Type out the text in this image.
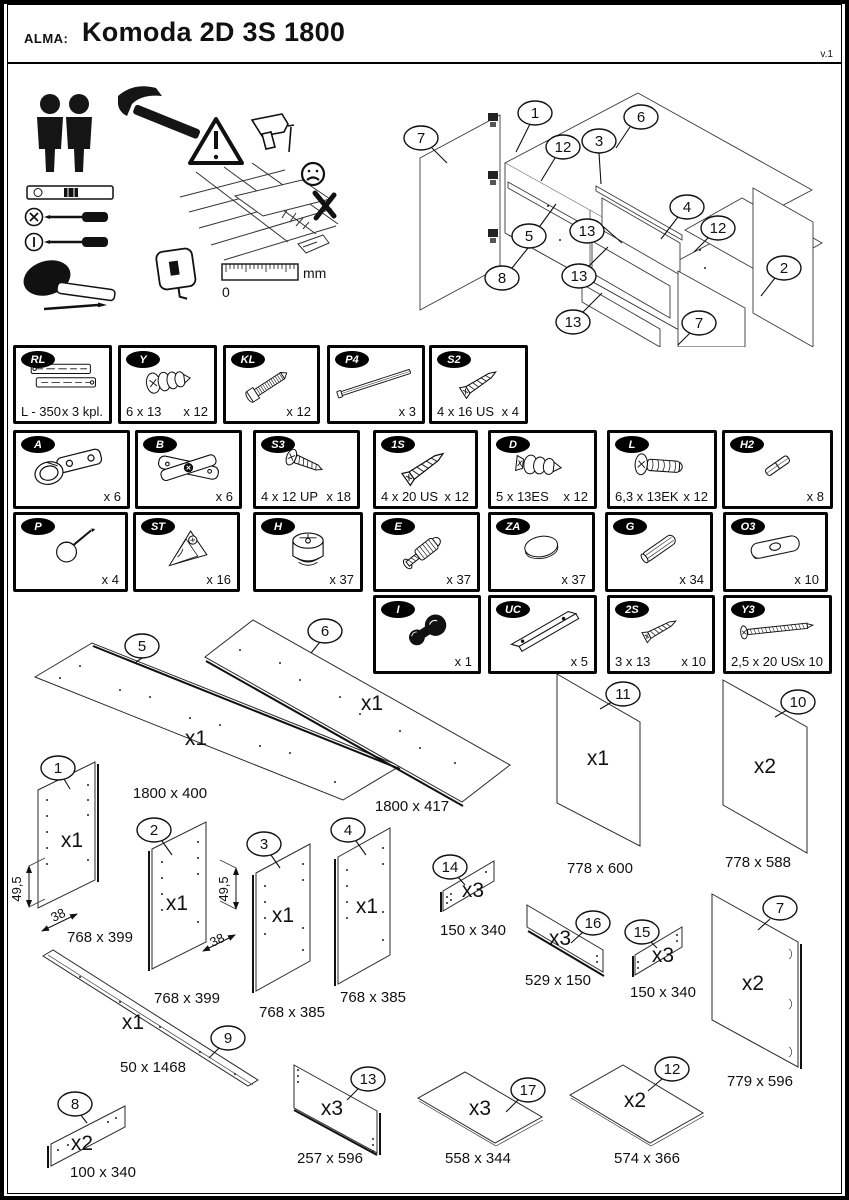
ALMA: Komoda 2D 3S 1800
v.1
mm
0
7
1
12 3
6
5	13
4
12
8	13
13
2
7
RL
L - 350 x 3 kpl.
Y
6 x 13 x 12
KL
x 12
P4
x 3
S2
4 x 16 US x 4
A
x 6
B
x 6
S3
4 x 12 UP x 18
1S
4 x 20 US x 12
D
5 x 13ES x 12
L
6,3 x 13EK x 12
H2
x 8
P
x 4
ST
x 16
H
x 37
E
x 37
ZA
x 37
G
x 34
O3
x 10
I
x 1
UC
x 5
2S
3 x 13 x 10
Y3
2,5 x 20 US x 10
5
x1
1800 x 400
6
x1
1800 x 417
11
x1
778 x 600
10
x2
778 x 588
1
x1
49,5
38
768 x 399
2
x1
49,5
38
768 x 399
3
x1
768 x 385
4
x1
768 x 385
14
x3
150 x 340	16
x3
529 x 150
15
x3
150 x 340
7
x2
779 x 596
9
x1
50 x 1468
8
x2
100 x 340
13
x3
257 x 596
17
x3
558 x 344
12
x2
574 x 366
